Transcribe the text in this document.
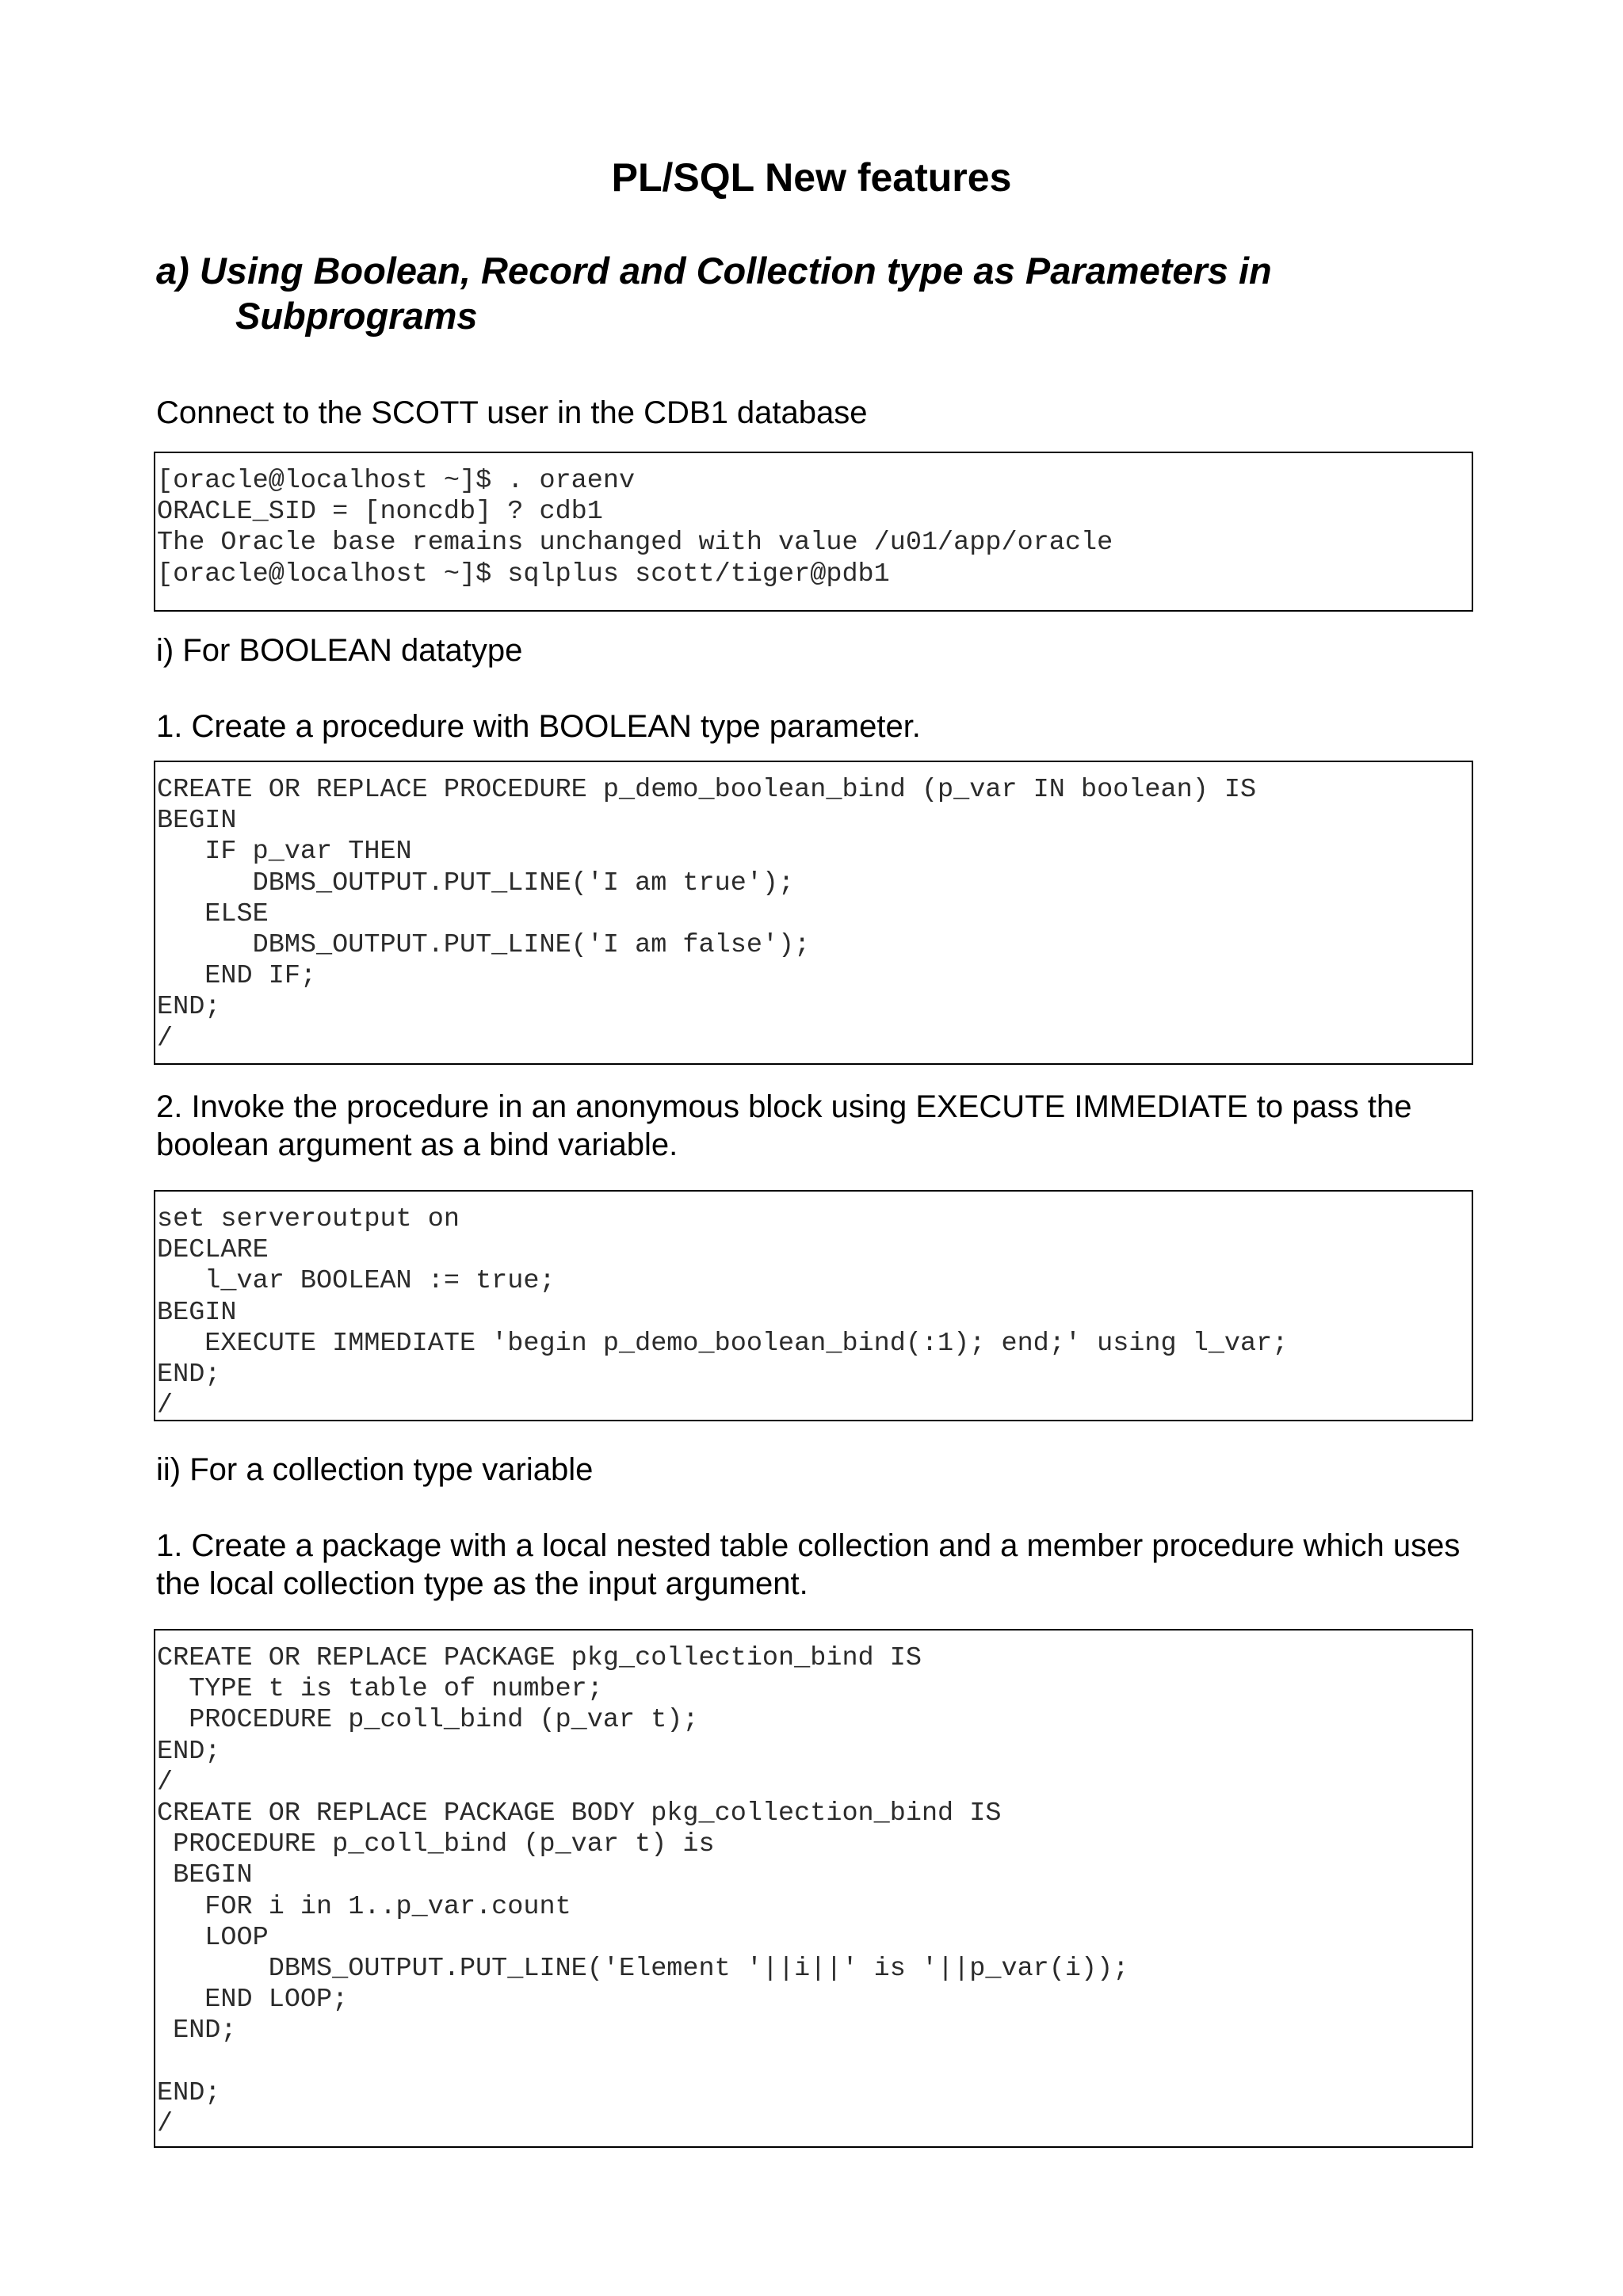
PL/SQL New features
a) Using Boolean, Record and Collection type as Parameters in
Subprograms

Connect to the SCOTT user in the CDB1 database

[oracle@localhost ~]$ . oraenv
ORACLE_SID = [noncdb] ? cdb1
The Oracle base remains unchanged with value /u01/app/oracle
[oracle@localhost ~]$ sqlplus scott/tiger@pdb1

i) For BOOLEAN datatype

1. Create a procedure with BOOLEAN type parameter.

CREATE OR REPLACE PROCEDURE p_demo_boolean_bind (p_var IN boolean) IS
BEGIN
IF p_var THEN
DBMS_OUTPUT.PUT_LINE('I am true');
ELSE
DBMS_OUTPUT.PUT_LINE('I am false');
END IF;
END;
/

2. Invoke the procedure in an anonymous block using EXECUTE IMMEDIATE to pass the boolean argument as a bind variable.

set serveroutput on
DECLARE
l_var BOOLEAN := true;
BEGIN
EXECUTE IMMEDIATE 'begin p_demo_boolean_bind(:1); end;' using l_var;
END;
/

ii) For a collection type variable

1. Create a package with a local nested table collection and a member procedure which uses the local collection type as the input argument.

CREATE OR REPLACE PACKAGE pkg_collection_bind IS
TYPE t is table of number;
PROCEDURE p_coll_bind (p_var t);
END;
/
CREATE OR REPLACE PACKAGE BODY pkg_collection_bind IS
PROCEDURE p_coll_bind (p_var t) is
BEGIN
FOR i in 1..p_var.count
LOOP
DBMS_OUTPUT.PUT_LINE('Element '||i||' is '||p_var(i));
END LOOP;
END;

END;
/
